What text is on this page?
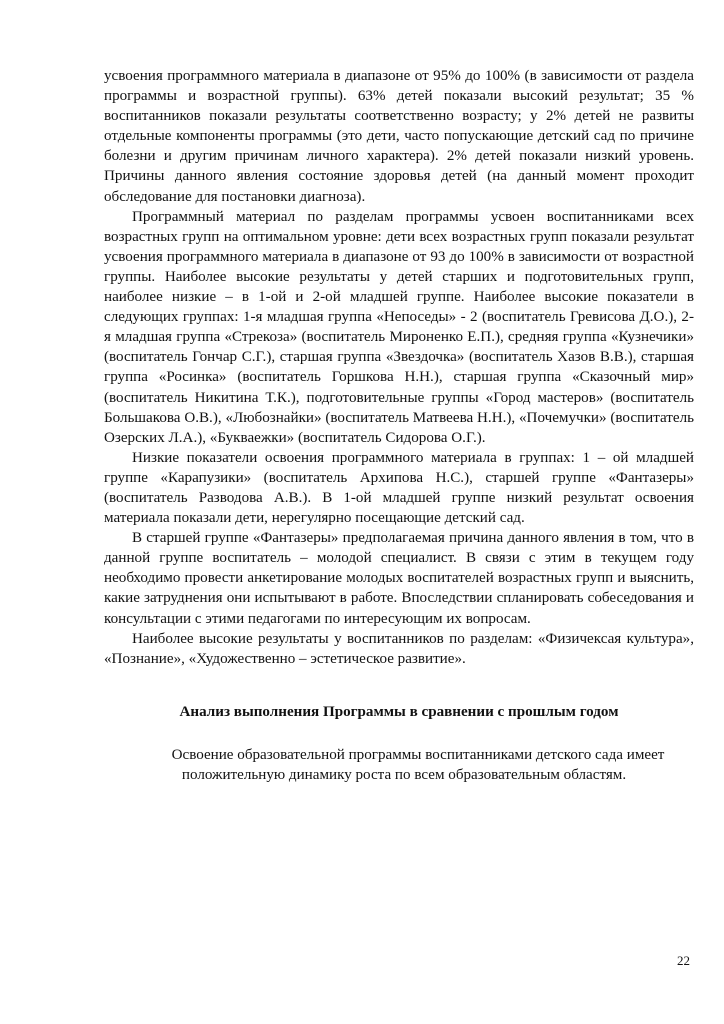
усвоения программного материала в диапазоне от 95% до 100% (в зависимости от раздела программы и возрастной группы). 63% детей показали высокий результат; 35 % воспитанников показали результаты соответственно возрасту; у 2% детей не развиты отдельные компоненты программы (это дети, часто попускающие детский сад по причине болезни и другим причинам личного характера). 2% детей показали низкий уровень. Причины данного явления состояние здоровья детей (на данный момент проходит обследование для постановки диагноза).

Программный материал по разделам программы усвоен воспитанниками всех возрастных групп на оптимальном уровне: дети всех возрастных групп показали результат усвоения программного материала в диапазоне от 93 до 100% в зависимости от возрастной группы. Наиболее высокие результаты у детей старших и подготовительных групп, наиболее низкие – в 1-ой и 2-ой младшей группе. Наиболее высокие показатели в следующих группах: 1-я младшая группа «Непоседы» - 2 (воспитатель Гревисова Д.О.), 2- я младшая группа «Стрекоза» (воспитатель Мироненко Е.П.), средняя группа «Кузнечики» (воспитатель Гончар С.Г.), старшая группа «Звездочка» (воспитатель Хазов В.В.), старшая группа «Росинка» (воспитатель Горшкова Н.Н.), старшая группа «Сказочный мир» (воспитатель Никитина Т.К.), подготовительные группы «Город мастеров» (воспитатель Большакова О.В.), «Любознайки» (воспитатель Матвеева Н.Н.), «Почемучки» (воспитатель Озерских Л.А.), «Букваежки» (воспитатель Сидорова О.Г.).

Низкие показатели освоения программного материала в группах: 1 – ой младшей группе «Карапузики» (воспитатель Архипова Н.С.), старшей группе «Фантазеры» (воспитатель Разводова А.В.). В 1-ой младшей группе низкий результат освоения материала показали дети, нерегулярно посещающие детский сад.

В старшей группе «Фантазеры» предполагаемая причина данного явления в том, что в данной группе воспитатель – молодой специалист. В связи с этим в текущем году необходимо провести анкетирование молодых воспитателей возрастных групп и выяснить, какие затруднения они испытывают в работе. Впоследствии спланировать собеседования и консультации с этими педагогами по интересующим их вопросам.

Наиболее высокие результаты у воспитанников по разделам: «Физичексая культура», «Познание», «Художественно – эстетическое развитие».

Анализ выполнения Программы в сравнении с прошлым годом

Освоение образовательной программы воспитанниками детского сада имеет положительную динамику роста по всем образовательным областям.

22
